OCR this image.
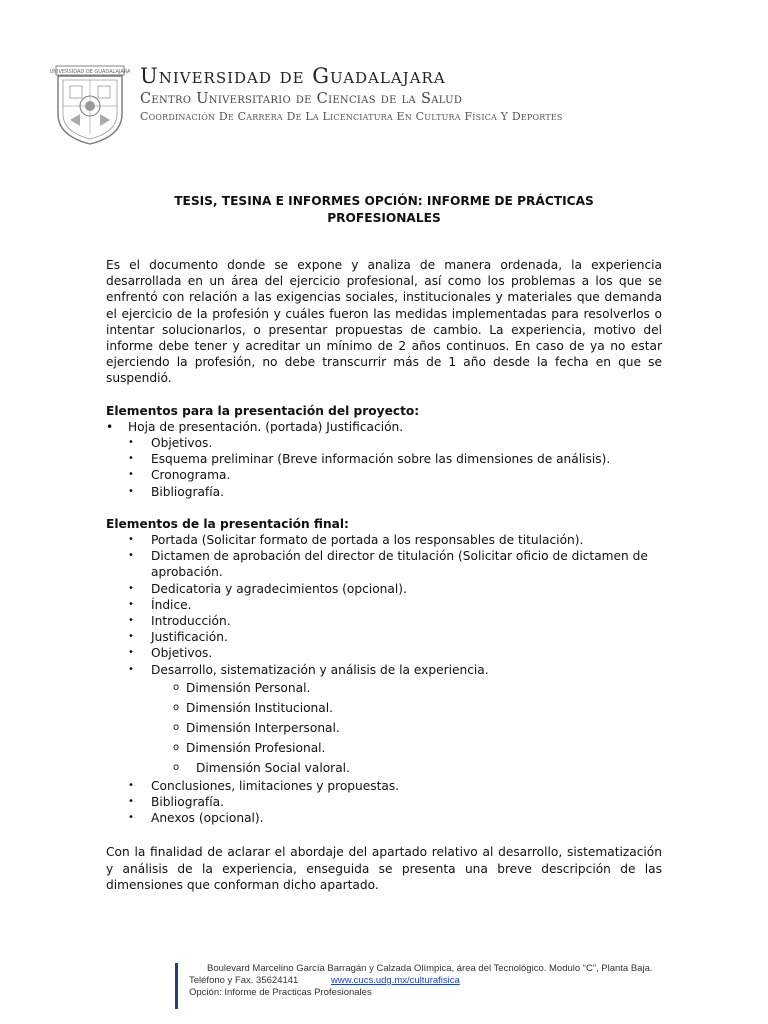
UNIVERSIDAD DE GUADALAJARA Universidad de Guadalajara
Centro Universitario de Ciencias de la Salud
Coordinación De Carrera De La Licenciatura En Cultura Física Y Deportes
TESIS, TESINA E INFORMES OPCIÓN: INFORME DE PRÁCTICAS
PROFESIONALES

Es el documento donde se expone y analiza de manera ordenada, la experiencia desarrollada en un área del ejercicio profesional, así como los problemas a los que se enfrentó con relación a las exigencias sociales, institucionales y materiales que demanda el ejercicio de la profesión y cuáles fueron las medidas implementadas para resolverlos o intentar solucionarlos, o presentar propuestas de cambio. La experiencia, motivo del informe debe tener y acreditar un mínimo de 2 años continuos. En caso de ya no estar ejerciendo la profesión, no debe transcurrir más de 1 año desde la fecha en que se suspendió.

Elementos para la presentación del proyecto:

• Hoja de presentación. (portada) Justificación.
• Objetivos.
• Esquema preliminar (Breve información sobre las dimensiones de análisis).
• Cronograma.
• Bibliografía.

Elementos de la presentación final:

• Portada (Solicitar formato de portada a los responsables de titulación).
• Dictamen de aprobación del director de titulación (Solicitar oficio de dictamen de aprobación.
• Dedicatoria y agradecimientos (opcional).
• Índice.
• Introducción.
• Justificación.
• Objetivos.
• Desarrollo, sistematización y análisis de la experiencia.
o Dimensión Personal.
o Dimensión Institucional.
o Dimensión Interpersonal.
o Dimensión Profesional.
o Dimensión Social valoral.
• Conclusiones, limitaciones y propuestas.
• Bibliografía.
• Anexos (opcional).

Con la finalidad de aclarar el abordaje del apartado relativo al desarrollo, sistematización y análisis de la experiencia, enseguida se presenta una breve descripción de las dimensiones que conforman dicho apartado.

Boulevard Marcelino García Barragán y Calzada Olímpica, área del Tecnológico. Modulo “C”, Planta Baja.
Teléfono y Fax. 35624141	www.cucs.udg.mx/culturafisica
Opción: Informe de Practicas Profesionales
